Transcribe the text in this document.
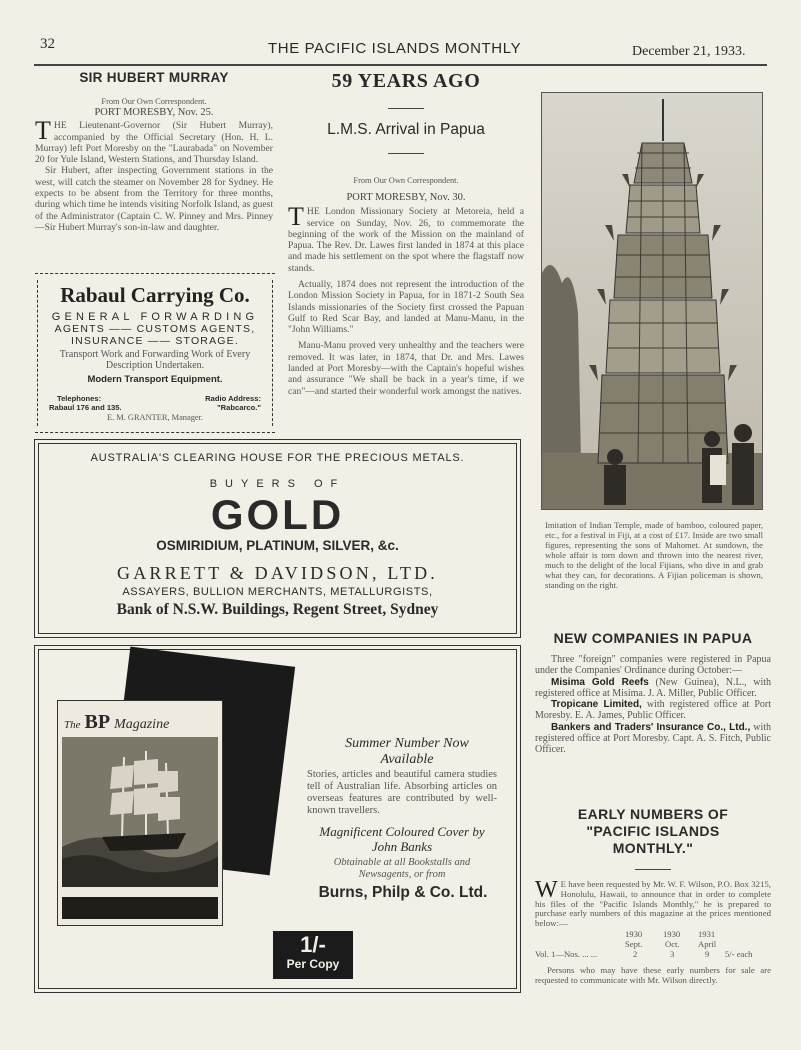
32	THE PACIFIC ISLANDS MONTHLY	December 21, 1933.
SIR HUBERT MURRAY
From Our Own Correspondent.
PORT MORESBY, Nov. 25.
THE Lieutenant-Governor (Sir Hubert Murray), accompanied by the Official Secretary (Hon. H. L. Murray) left Port Moresby on the "Laurabada" on November 20 for Yule Island, Western Stations, and Thursday Island.
Sir Hubert, after inspecting Government stations in the west, will catch the steamer on November 28 for Sydney. He expects to be absent from the Territory for three months, during which time he intends visiting Norfolk Island, as guest of the Administrator (Captain C. W. Pinney and Mrs. Pinney—Sir Hubert Murray's son-in-law and daughter.
Rabaul Carrying Co.
GENERAL FORWARDING
AGENTS —— CUSTOMS AGENTS,
INSURANCE —— STORAGE.
Transport Work and Forwarding Work of Every Description Undertaken.
Modern Transport Equipment.
Telephones:
Rabaul 176 and 135.
Radio Address:
"Rabcarco."
E. M. GRANTER, Manager.
59 YEARS AGO
L.M.S. Arrival in Papua
From Our Own Correspondent.
PORT MORESBY, Nov. 30.
THE London Missionary Society at Metoreia, held a service on Sunday, Nov. 26, to commemorate the beginning of the work of the Mission on the mainland of Papua. The Rev. Dr. Lawes first landed in 1874 at this place and made his settlement on the spot where the flagstaff now stands.
Actually, 1874 does not represent the introduction of the London Mission Society in Papua, for in 1871-2 South Sea Islands missionaries of the Society first crossed the Papuan Gulf to Red Scar Bay, and landed at Manu-Manu, in the "John Williams."
Manu-Manu proved very unhealthy and the teachers were removed. It was later, in 1874, that Dr. and Mrs. Lawes landed at Port Moresby—with the Captain's hopeful wishes and assurance "We shall be back in a year's time, if we can"—and started their wonderful work amongst the natives.
Imitation of Indian Temple, made of bamboo, coloured paper, etc., for a festival in Fiji, at a cost of £17. Inside are two small figures, representing the sons of Mahomet. At sundown, the whole affair is torn down and thrown into the nearest river, much to the delight of the local Fijians, who dive in and grab what they can, for decorations. A Fijian policeman is shown, standing on the right.
AUSTRALIA'S CLEARING HOUSE FOR THE PRECIOUS METALS.
BUYERS OF
GOLD
OSMIRIDIUM, PLATINUM, SILVER, &c.
GARRETT & DAVIDSON, LTD.
ASSAYERS, BULLION MERCHANTS, METALLURGISTS,
Bank of N.S.W. Buildings, Regent Street, Sydney
The BP Magazine
Summer Number Now
Available
Stories, articles and beautiful camera studies tell of Australian life. Absorbing articles on overseas features are contributed by well-known travellers.
Magnificent Coloured Cover by
John Banks
Obtainable at all Bookstalls and Newsagents, or from
Burns, Philp & Co. Ltd.
1/-
Per Copy
NEW COMPANIES IN PAPUA
Three "foreign" companies were registered in Papua under the Companies' Ordinance during October:—
Misima Gold Reefs (New Guinea), N.L., with registered office at Misima. J. A. Miller, Public Officer.
Tropicane Limited, with registered office at Port Moresby. E. A. James, Public Officer.
Bankers and Traders' Insurance Co., Ltd., with registered office at Port Moresby. Capt. A. S. Fitch, Public Officer.
EARLY NUMBERS OF
"PACIFIC ISLANDS
MONTHLY."
W E have been requested by Mr. W. F. Wilson, P.O. Box 3215, Honolulu, Hawaii, to announce that in order to complete his files of the "Pacific Islands Monthly," he is prepared to purchase early numbers of this magazine at the prices mentioned below:—
1930 1930 1931
Sept.	Oct. April
Vol. 1—Nos. ... ...	2	3	9 5/- each
Persons who may have these early numbers for sale are requested to communicate with Mr. Wilson directly.
